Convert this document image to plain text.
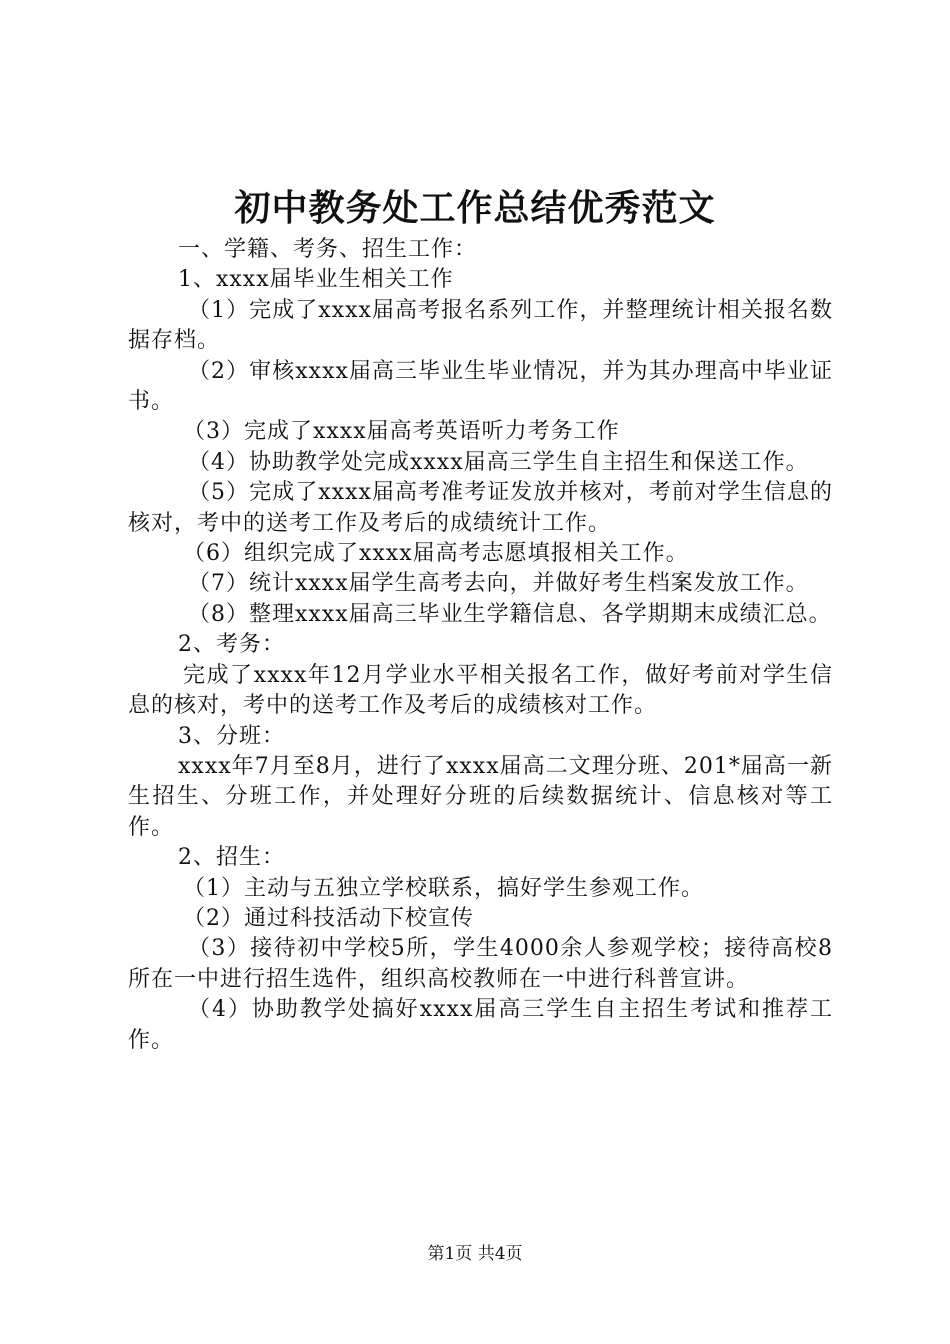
初中教务处工作总结优秀范文

一、学籍、考务、招生工作：

1、xxxx届毕业生相关工作

（1）完成了xxxx届高考报名系列工作，并整理统计相关报名数据存档。

（2）审核xxxx届高三毕业生毕业情况，并为其办理高中毕业证书。

（3）完成了xxxx届高考英语听力考务工作

（4）协助教学处完成xxxx届高三学生自主招生和保送工作。

（5）完成了xxxx届高考准考证发放并核对，考前对学生信息的核对，考中的送考工作及考后的成绩统计工作。

（6）组织完成了xxxx届高考志愿填报相关工作。

（7）统计xxxx届学生高考去向，并做好考生档案发放工作。

（8）整理xxxx届高三毕业生学籍信息、各学期期末成绩汇总。

2、考务：

完成了xxxx年12月学业水平相关报名工作，做好考前对学生信息的核对，考中的送考工作及考后的成绩核对工作。

3、分班：

xxxx年7月至8月，进行了xxxx届高二文理分班、201*届高一新生招生、分班工作，并处理好分班的后续数据统计、信息核对等工作。

2、招生：

（1）主动与五独立学校联系，搞好学生参观工作。

（2）通过科技活动下校宣传

（3）接待初中学校5所，学生4000余人参观学校；接待高校8所在一中进行招生选件，组织高校教师在一中进行科普宣讲。

（4）协助教学处搞好xxxx届高三学生自主招生考试和推荐工作。

第1页 共4页
